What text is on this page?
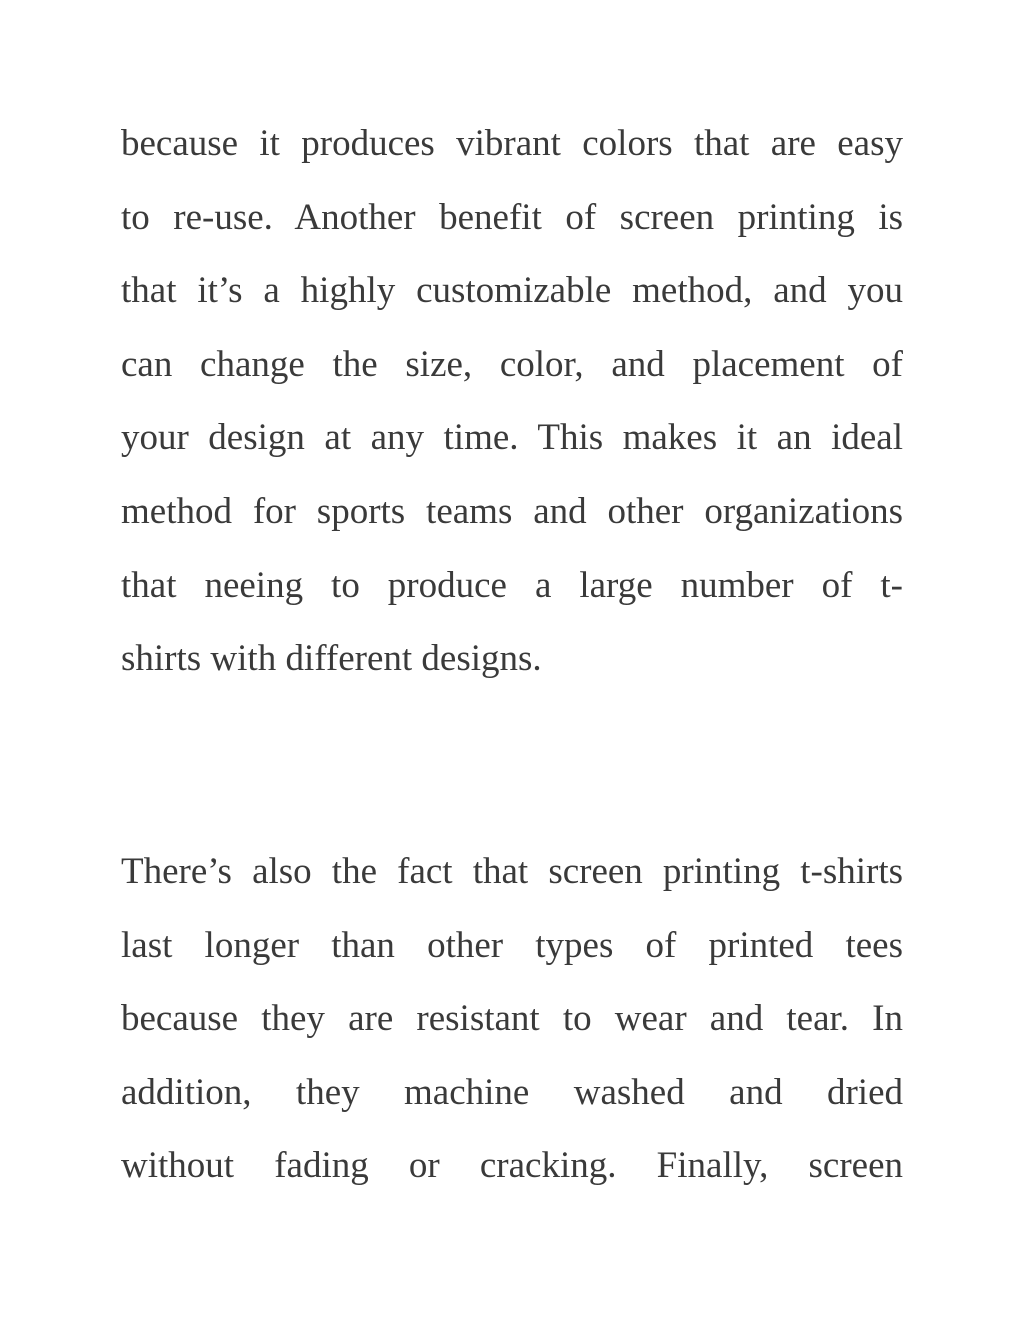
because it produces vibrant colors that are easy
to re-use. Another benefit of screen printing is
that it’s a highly customizable method, and you
can change the size, color, and placement of
your design at any time. This makes it an ideal
method for sports teams and other organizations
that neeing to produce a large number of t-
shirts with different designs.
There’s also the fact that screen printing t-shirts
last longer than other types of printed tees
because they are resistant to wear and tear. In
addition, they machine washed and dried
without fading or cracking. Finally, screen
